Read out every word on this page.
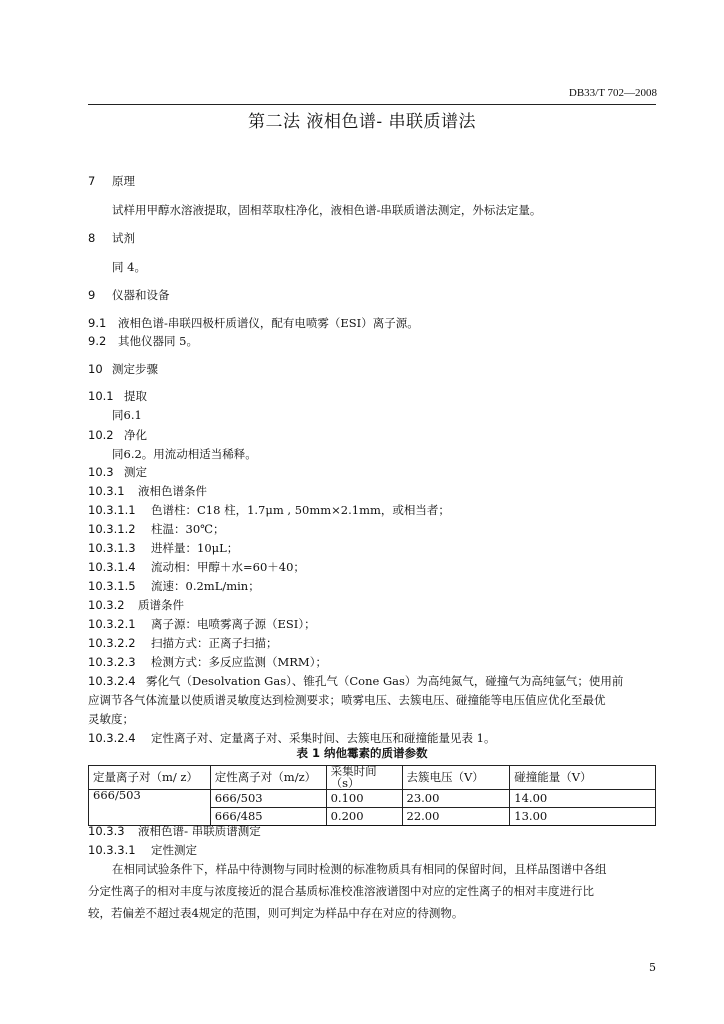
DB33/T 702—2008
第二法 液相色谱- 串联质谱法
7 原理
试样用甲醇水溶液提取，固相萃取柱净化，液相色谱-串联质谱法测定，外标法定量。
8 试剂
同 4。
9 仪器和设备
9.1 液相色谱-串联四极杆质谱仪，配有电喷雾（ESI）离子源。
9.2 其他仪器同 5。
10 测定步骤
10.1 提取
同6.1
10.2 净化
同6.2。用流动相适当稀释。
10.3 测定
10.3.1 液相色谱条件
10.3.1.1 色谱柱：C18 柱，1.7μm , 50mm×2.1mm，或相当者；
10.3.1.2 柱温：30℃；
10.3.1.3 进样量：10μL；
10.3.1.4 流动相：甲醇＋水=60＋40；
10.3.1.5 流速：0.2mL/min；
10.3.2 质谱条件
10.3.2.1 离子源：电喷雾离子源（ESI）；
10.3.2.2 扫描方式：正离子扫描；
10.3.2.3 检测方式：多反应监测（MRM）；
10.3.2.4 雾化气（Desolvation Gas）、锥孔气（Cone Gas）为高纯氮气，碰撞气为高纯氩气；使用前
应调节各气体流量以使质谱灵敏度达到检测要求；喷雾电压、去簇电压、碰撞能等电压值应优化至最优
灵敏度；
10.3.2.4 定性离子对、定量离子对、采集时间、去簇电压和碰撞能量见表 1。
表 1 纳他霉素的质谱参数
定量离子对（m/ z）	定性离子对（m/z）	采集时间（s）	去簇电压（V）	碰撞能量（V）
666/503	666/503	0.100	23.00	14.00
	666/485	0.200	22.00	13.00
10.3.3 液相色谱- 串联质谱测定
10.3.3.1 定性测定
在相同试验条件下，样品中待测物与同时检测的标准物质具有相同的保留时间，且样品图谱中各组
分定性离子的相对丰度与浓度接近的混合基质标准校准溶液谱图中对应的定性离子的相对丰度进行比
较，若偏差不超过表4规定的范围，则可判定为样品中存在对应的待测物。
5
